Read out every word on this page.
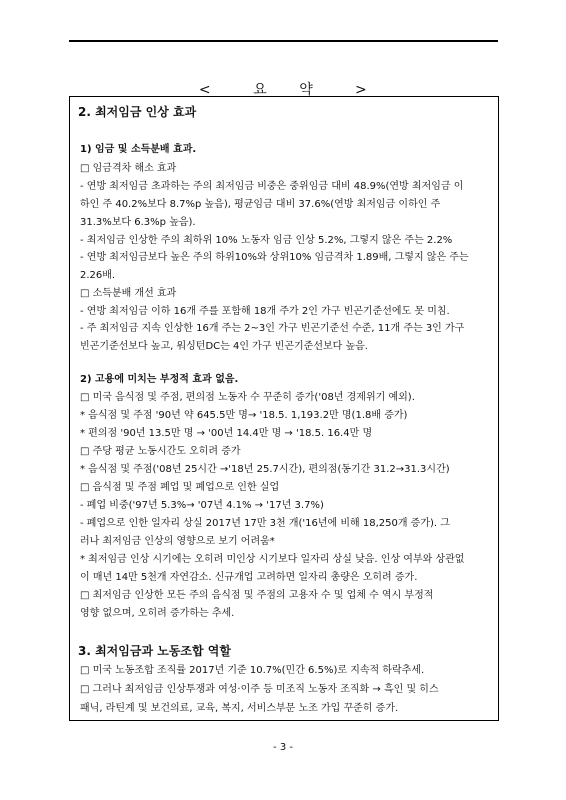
<	요 약 >
2. 최저임금 인상 효과
1) 임금 및 소득분배 효과.
□ 임금격차 해소 효과
- 연방 최저임금 초과하는 주의 최저임금 비중은 중위임금 대비 48.9%(연방 최저임금 이
하인 주 40.2%보다 8.7%p 높음), 평균임금 대비 37.6%(연방 최저임금 이하인 주
31.3%보다 6.3%p 높음).
- 최저임금 인상한 주의 최하위 10% 노동자 임금 인상 5.2%, 그렇지 않은 주는 2.2%
- 연방 최저임금보다 높은 주의 하위10%와 상위10% 임금격차 1.89배, 그렇지 않은 주는
2.26배.
□ 소득분배 개선 효과
- 연방 최저임금 이하 16개 주를 포함해 18개 주가 2인 가구 빈곤기준선에도 못 미침.
- 주 최저임금 지속 인상한 16개 주는 2~3인 가구 빈곤기준선 수준, 11개 주는 3인 가구
빈곤기준선보다 높고, 워싱턴DC는 4인 가구 빈곤기준선보다 높음.
2) 고용에 미치는 부정적 효과 없음.
□ 미국 음식점 및 주점, 편의점 노동자 수 꾸준히 증가('08년 경제위기 예외).
* 음식점 및 주점 '90년 약 645.5만 명→ '18.5. 1,193.2만 명(1.8배 증가)
* 편의점 '90년 13.5만 명 → '00년 14.4만 명 → '18.5. 16.4만 명
□ 주당 평균 노동시간도 오히려 증가
* 음식점 및 주점('08년 25시간 →'18년 25.7시간), 편의점(동기간 31.2→31.3시간)
□ 음식점 및 주점 폐업 및 폐업으로 인한 실업
- 폐업 비중('97년 5.3%→ '07년 4.1% → '17년 3.7%)
- 폐업으로 인한 일자리 상실 2017년 17만 3천 개('16년에 비해 18,250개 증가). 그
러나 최저임금 인상의 영향으로 보기 어려움*
* 최저임금 인상 시기에는 오히려 미인상 시기보다 일자리 상실 낮음. 인상 여부와 상관없
이 매년 14만 5천개 자연감소. 신규개업 고려하면 일자리 총량은 오히려 증가.
□ 최저임금 인상한 모든 주의 음식점 및 주점의 고용자 수 및 업체 수 역시 부정적
영향 없으며, 오히려 증가하는 추세.
3. 최저임금과 노동조합 역할
□ 미국 노동조합 조직률 2017년 기준 10.7%(민간 6.5%)로 지속적 하락추세.
□ 그러나 최저임금 인상투쟁과 여성·이주 등 미조직 노동자 조직화 → 흑인 및 히스
패닉, 라틴계 및 보건의료, 교육, 복지, 서비스부문 노조 가입 꾸준히 증가.
- 3 -
